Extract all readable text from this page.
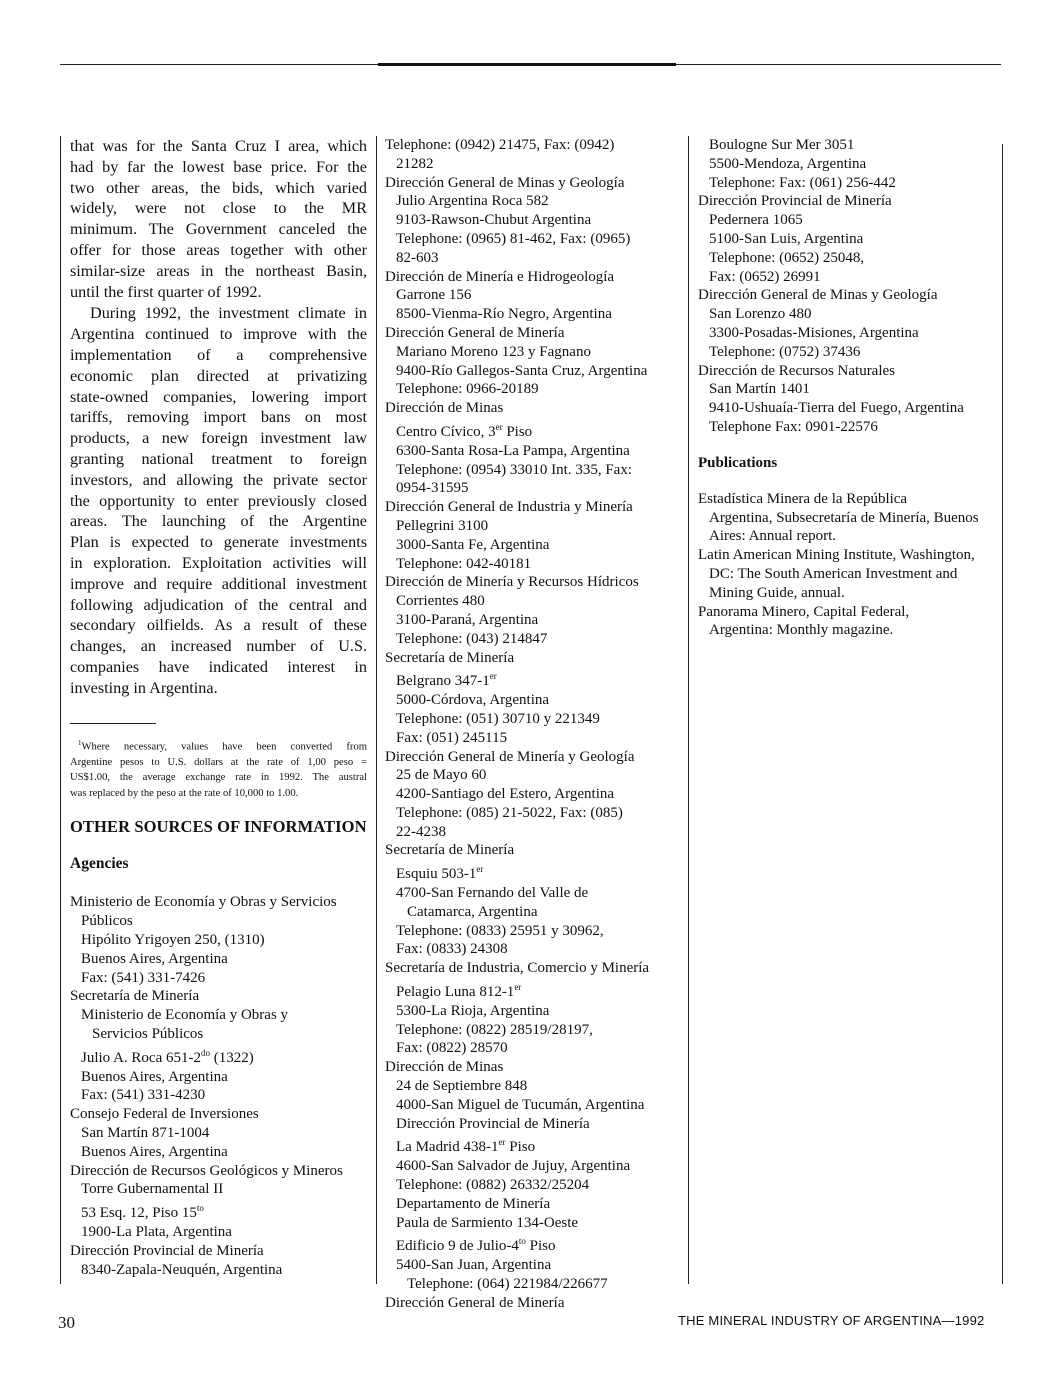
that was for the Santa Cruz I area, which
had by far the lowest base price. For the
two other areas, the bids, which varied
widely, were not close to the MR
minimum. The Government canceled the
offer for those areas together with other
similar-size areas in the northeast Basin,
until the first quarter of 1992.
During 1992, the investment climate in
Argentina continued to improve with the
implementation of a comprehensive
economic plan directed at privatizing
state-owned companies, lowering import
tariffs, removing import bans on most
products, a new foreign investment law
granting national treatment to foreign
investors, and allowing the private sector
the opportunity to enter previously closed
areas. The launching of the Argentine
Plan is expected to generate investments
in exploration. Exploitation activities will
improve and require additional investment
following adjudication of the central and
secondary oilfields. As a result of these
changes, an increased number of U.S.
companies have indicated interest in
investing in Argentina.
$^1$Where necessary, values have been converted from
Argentine pesos to U.S. dollars at the rate of 1,00 peso =
US$1.00, the average exchange rate in 1992. The austral
was replaced by the peso at the rate of 10,000 to 1.00.
OTHER SOURCES OF INFORMATION
Agencies
Ministerio de Economía y Obras y Servicios
Públicos
Hipólito Yrigoyen 250, (1310)
Buenos Aires, Argentina
Fax: (541) 331-7426
Secretaría de Minería
Ministerio de Economía y Obras y
Servicios Públicos
Julio A. Roca $651-2^{do}$ (1322)
Buenos Aires, Argentina
Fax: (541) 331-4230
Consejo Federal de Inversiones
San Martín 871-1004
Buenos Aires, Argentina
Dirección de Recursos Geológicos y Mineros
Torre Gubernamental II
53 Esq. 12, Piso $15^{to}$
1900-La Plata, Argentina
Dirección Provincial de Minería
8340-Zapala-Neuquén, Argentina
Telephone: (0942) 21475, Fax: (0942)
21282
Dirección General de Minas y Geología
Julio Argentina Roca 582
9103-Rawson-Chubut Argentina
Telephone: (0965) 81-462, Fax: (0965)
82-603
Dirección de Minería e Hidrogeología
Garrone 156
8500-Vienma-Río Negro, Argentina
Dirección General de Minería
Mariano Moreno 123 y Fagnano
9400-Río Gallegos-Santa Cruz, Argentina
Telephone: 0966-20189
Dirección de Minas
Centro Cívico, 3er Piso
6300-Santa Rosa-La Pampa, Argentina
Telephone: (0954) 33010 Int. 335, Fax:
0954-31595
Dirección General de Industria y Minería
Pellegrini 3100
3000-Santa Fe, Argentina
Telephone: 042-40181
Dirección de Minería y Recursos Hídricos
Corrientes 480
3100-Paraná, Argentina
Telephone: (043) 214847
Secretaría de Minería
Belgrano 347-1er
5000-Córdova, Argentina
Telephone: (051) 30710 y 221349
Fax: (051) 245115
Dirección General de Minería y Geología
25 de Mayo 60
4200-Santiago del Estero, Argentina
Telephone: (085) 21-5022, Fax: (085)
22-4238
Secretaría de Minería
Esquiu 503-1er
4700-San Fernando del Valle de
Catamarca, Argentina
Telephone: (0833) 25951 y 30962,
Fax: (0833) 24308
Secretaría de Industria, Comercio y Minería
Pelagio Luna 812-1er
5300-La Rioja, Argentina
Telephone: (0822) 28519/28197,
Fax: (0822) 28570
Dirección de Minas
24 de Septiembre 848
4000-San Miguel de Tucumán, Argentina
Dirección Provincial de Minería
La Madrid 438-1er Piso
4600-San Salvador de Jujuy, Argentina
Telephone: (0882) 26332/25204
Departamento de Minería
Paula de Sarmiento 134-Oeste
Edificio 9 de Julio-$4^{to}$ Piso
5400-San Juan, Argentina
Telephone: (064) 221984/226677
Dirección General de Minería
Boulogne Sur Mer 3051
5500-Mendoza, Argentina
Telephone: Fax: (061) 256-442
Dirección Provincial de Minería
Pedernera 1065
5100-San Luis, Argentina
Telephone: (0652) 25048,
Fax: (0652) 26991
Dirección General de Minas y Geología
San Lorenzo 480
3300-Posadas-Misiones, Argentina
Telephone: (0752) 37436
Dirección de Recursos Naturales
San Martín 1401
9410-Ushuaía-Tierra del Fuego, Argentina
Telephone Fax: 0901-22576
Publications
Estadística Minera de la República
Argentina, Subsecretaría de Minería, Buenos
Aires: Annual report.
Latin American Mining Institute, Washington,
DC: The South American Investment and
Mining Guide, annual.
Panorama Minero, Capital Federal,
Argentina: Monthly magazine.
30	THE MINERAL INDUSTRY OF ARGENTINA—1992
